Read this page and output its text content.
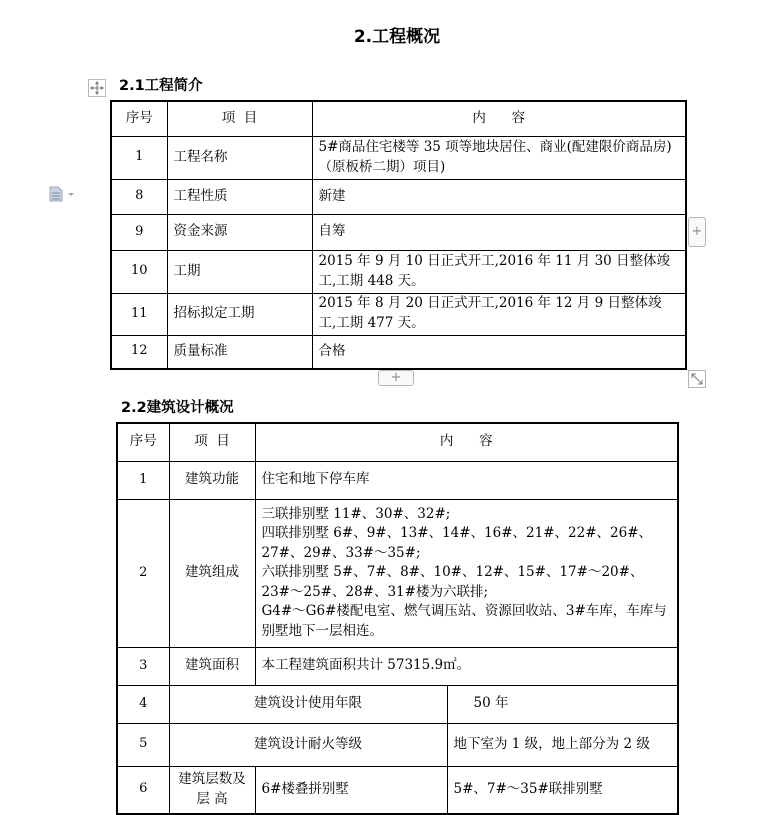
2.工程概况
2.1工程简介
序号	项  目	内      容
1	工程名称	5#商品住宅楼等 35 项等地块居住、商业(配建限价商品房)（原板桥二期）项目)
8	工程性质	新建
9	资金来源	自筹
10	工期	2015 年 9 月 10 日正式开工,2016 年 11 月 30 日整体竣工,工期 448 天。
11	招标拟定工期	2015 年 8 月 20 日正式开工,2016 年 12 月 9 日整体竣工,工期 477 天。
12	质量标准	合格
+
+
2.2建筑设计概况
序号	项  目	内      容	
1	建筑功能	住宅和地下停车库	
2	建筑组成	三联排别墅 11#、30#、32#;
四联排别墅 6#、9#、13#、14#、16#、21#、22#、26#、27#、29#、33#～35#;
六联排别墅 5#、7#、8#、10#、12#、15#、17#～20#、23#～25#、28#、31#楼为六联排;
G4#～G6#楼配电室、燃气调压站、资源回收站、3#车库，车库与别墅地下一层相连。	

3	建筑面积	本工程建筑面积共计 57315.9㎡。	
4	建筑设计使用年限		50 年
5	建筑设计耐火等级		地下室为 1 级，地上部分为 2 级
6	建筑层数及 层 高	6#楼叠拼别墅	5#、7#～35#联排别墅
